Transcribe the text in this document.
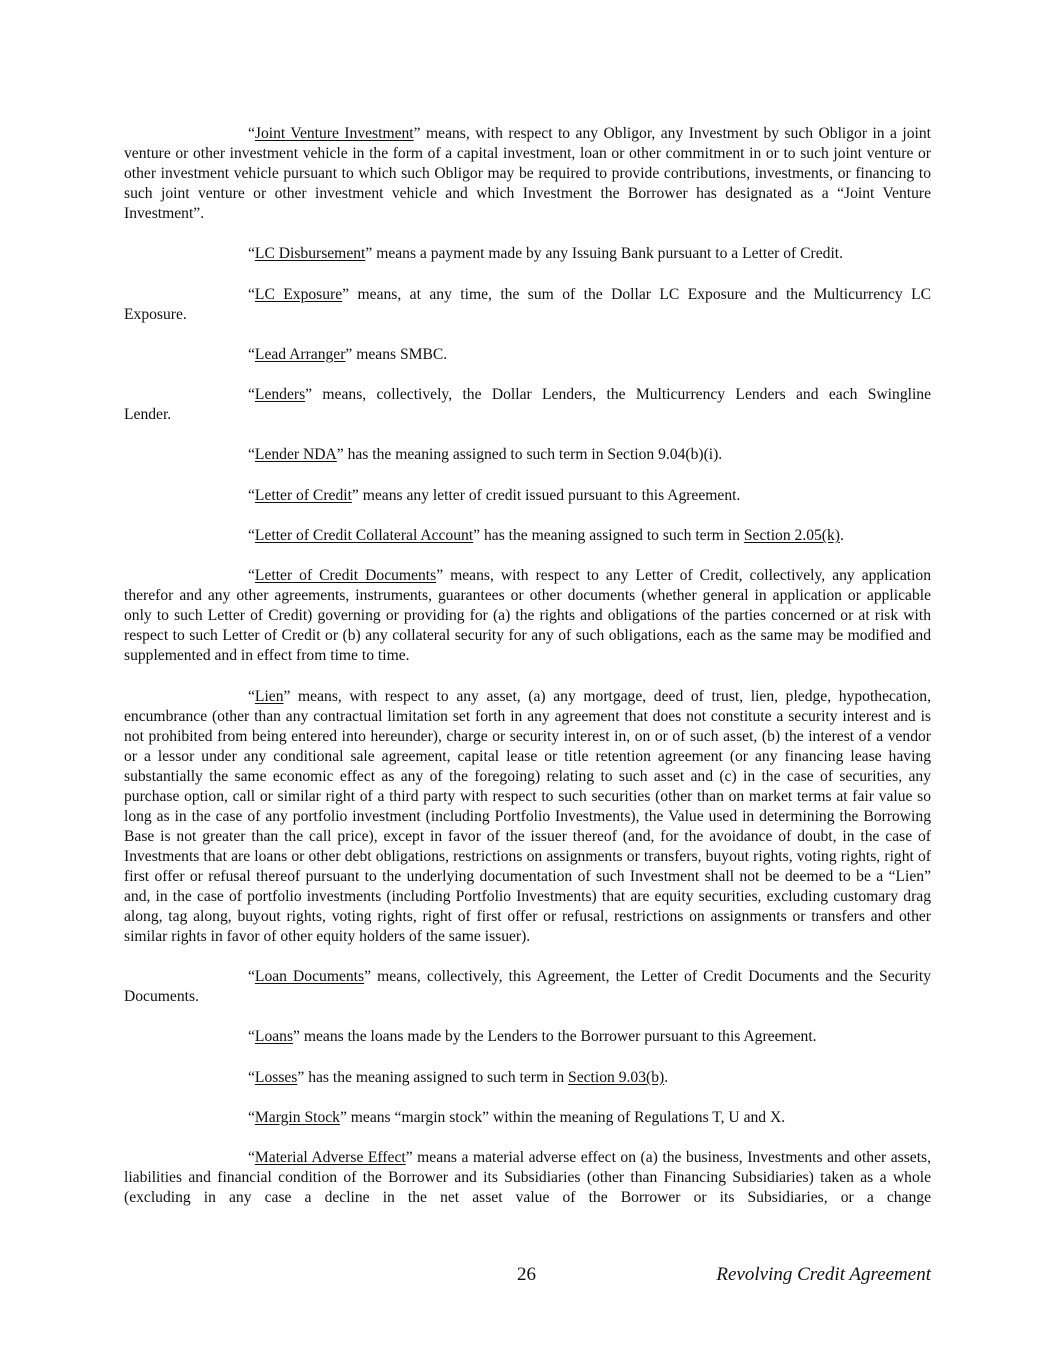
“Joint Venture Investment” means, with respect to any Obligor, any Investment by such Obligor in a joint venture or other investment vehicle in the form of a capital investment, loan or other commitment in or to such joint venture or other investment vehicle pursuant to which such Obligor may be required to provide contributions, investments, or financing to such joint venture or other investment vehicle and which Investment the Borrower has designated as a “Joint Venture Investment”.
“LC Disbursement” means a payment made by any Issuing Bank pursuant to a Letter of Credit.
“LC Exposure” means, at any time, the sum of the Dollar LC Exposure and the Multicurrency LC
Exposure.
“Lead Arranger” means SMBC.
“Lenders” means, collectively, the Dollar Lenders, the Multicurrency Lenders and each Swingline
Lender.
“Lender NDA” has the meaning assigned to such term in Section 9.04(b)(i).
“Letter of Credit” means any letter of credit issued pursuant to this Agreement.
“Letter of Credit Collateral Account” has the meaning assigned to such term in Section 2.05(k).
“Letter of Credit Documents” means, with respect to any Letter of Credit, collectively, any application therefor and any other agreements, instruments, guarantees or other documents (whether general in application or applicable only to such Letter of Credit) governing or providing for (a) the rights and obligations of the parties concerned or at risk with respect to such Letter of Credit or (b) any collateral security for any of such obligations, each as the same may be modified and supplemented and in effect from time to time.
“Lien” means, with respect to any asset, (a) any mortgage, deed of trust, lien, pledge, hypothecation, encumbrance (other than any contractual limitation set forth in any agreement that does not constitute a security interest and is not prohibited from being entered into hereunder), charge or security interest in, on or of such asset, (b) the interest of a vendor or a lessor under any conditional sale agreement, capital lease or title retention agreement (or any financing lease having substantially the same economic effect as any of the foregoing) relating to such asset and (c) in the case of securities, any purchase option, call or similar right of a third party with respect to such securities (other than on market terms at fair value so long as in the case of any portfolio investment (including Portfolio Investments), the Value used in determining the Borrowing Base is not greater than the call price), except in favor of the issuer thereof (and, for the avoidance of doubt, in the case of Investments that are loans or other debt obligations, restrictions on assignments or transfers, buyout rights, voting rights, right of first offer or refusal thereof pursuant to the underlying documentation of such Investment shall not be deemed to be a “Lien” and, in the case of portfolio investments (including Portfolio Investments) that are equity securities, excluding customary drag along, tag along, buyout rights, voting rights, right of first offer or refusal, restrictions on assignments or transfers and other similar rights in favor of other equity holders of the same issuer).
“Loan Documents” means, collectively, this Agreement, the Letter of Credit Documents and the Security Documents.
“Loans” means the loans made by the Lenders to the Borrower pursuant to this Agreement.
“Losses” has the meaning assigned to such term in Section 9.03(b).
“Margin Stock” means “margin stock” within the meaning of Regulations T, U and X.
“Material Adverse Effect” means a material adverse effect on (a) the business, Investments and other assets, liabilities and financial condition of the Borrower and its Subsidiaries (other than Financing Subsidiaries) taken as a whole (excluding in any case a decline in the net asset value of the Borrower or its Subsidiaries, or a change
26	Revolving Credit Agreement
